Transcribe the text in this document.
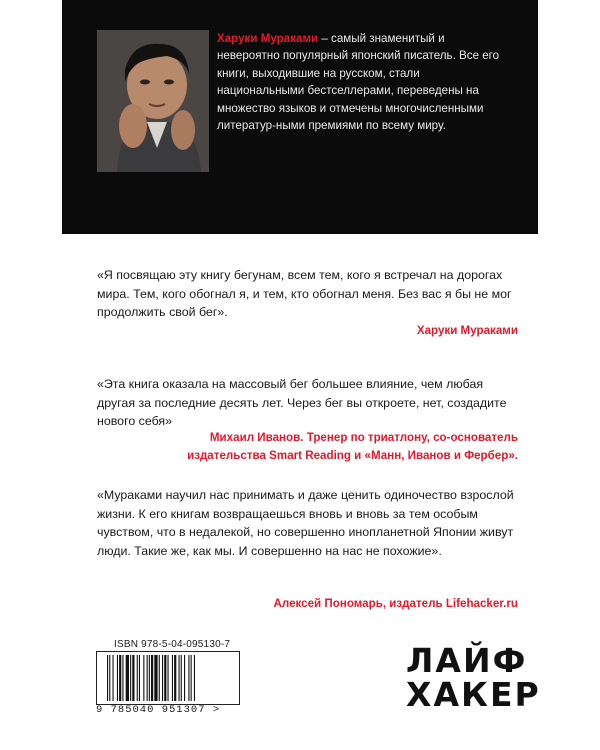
Харуки Мураками – самый знаменитый и невероятно популярный японский писатель. Все его книги, выходившие на русском, стали национальными бестселлерами, переведены на множество языков и отмечены многочисленными литератур-ными премиями по всему миру.
«Я посвящаю эту книгу бегунам, всем тем, кого я встречал на дорогах мира. Тем, кого обогнал я, и тем, кто обогнал меня. Без вас я бы не мог продолжить свой бег».
Харуки Мураками
«Эта книга оказала на массовый бег большее влияние, чем любая другая за последние десять лет. Через бег вы откроете, нет, создадите нового себя»
Михаил Иванов. Тренер по триатлону, со-основатель
издательства Smart Reading и «Манн, Иванов и Фербер».
«Мураками научил нас принимать и даже ценить одиночество взрослой жизни. К его книгам возвращаешься вновь и вновь за тем особым чувством, что в недалекой, но совершенно инопланетной Японии живут люди. Такие же, как мы. И совершенно на нас не похожие».
Алексей Пономарь, издатель Lifehacker.ru
ISBN 978-5-04-095130-7
9 785040 951307 >
ЛАЙФ
ХАКЕР
